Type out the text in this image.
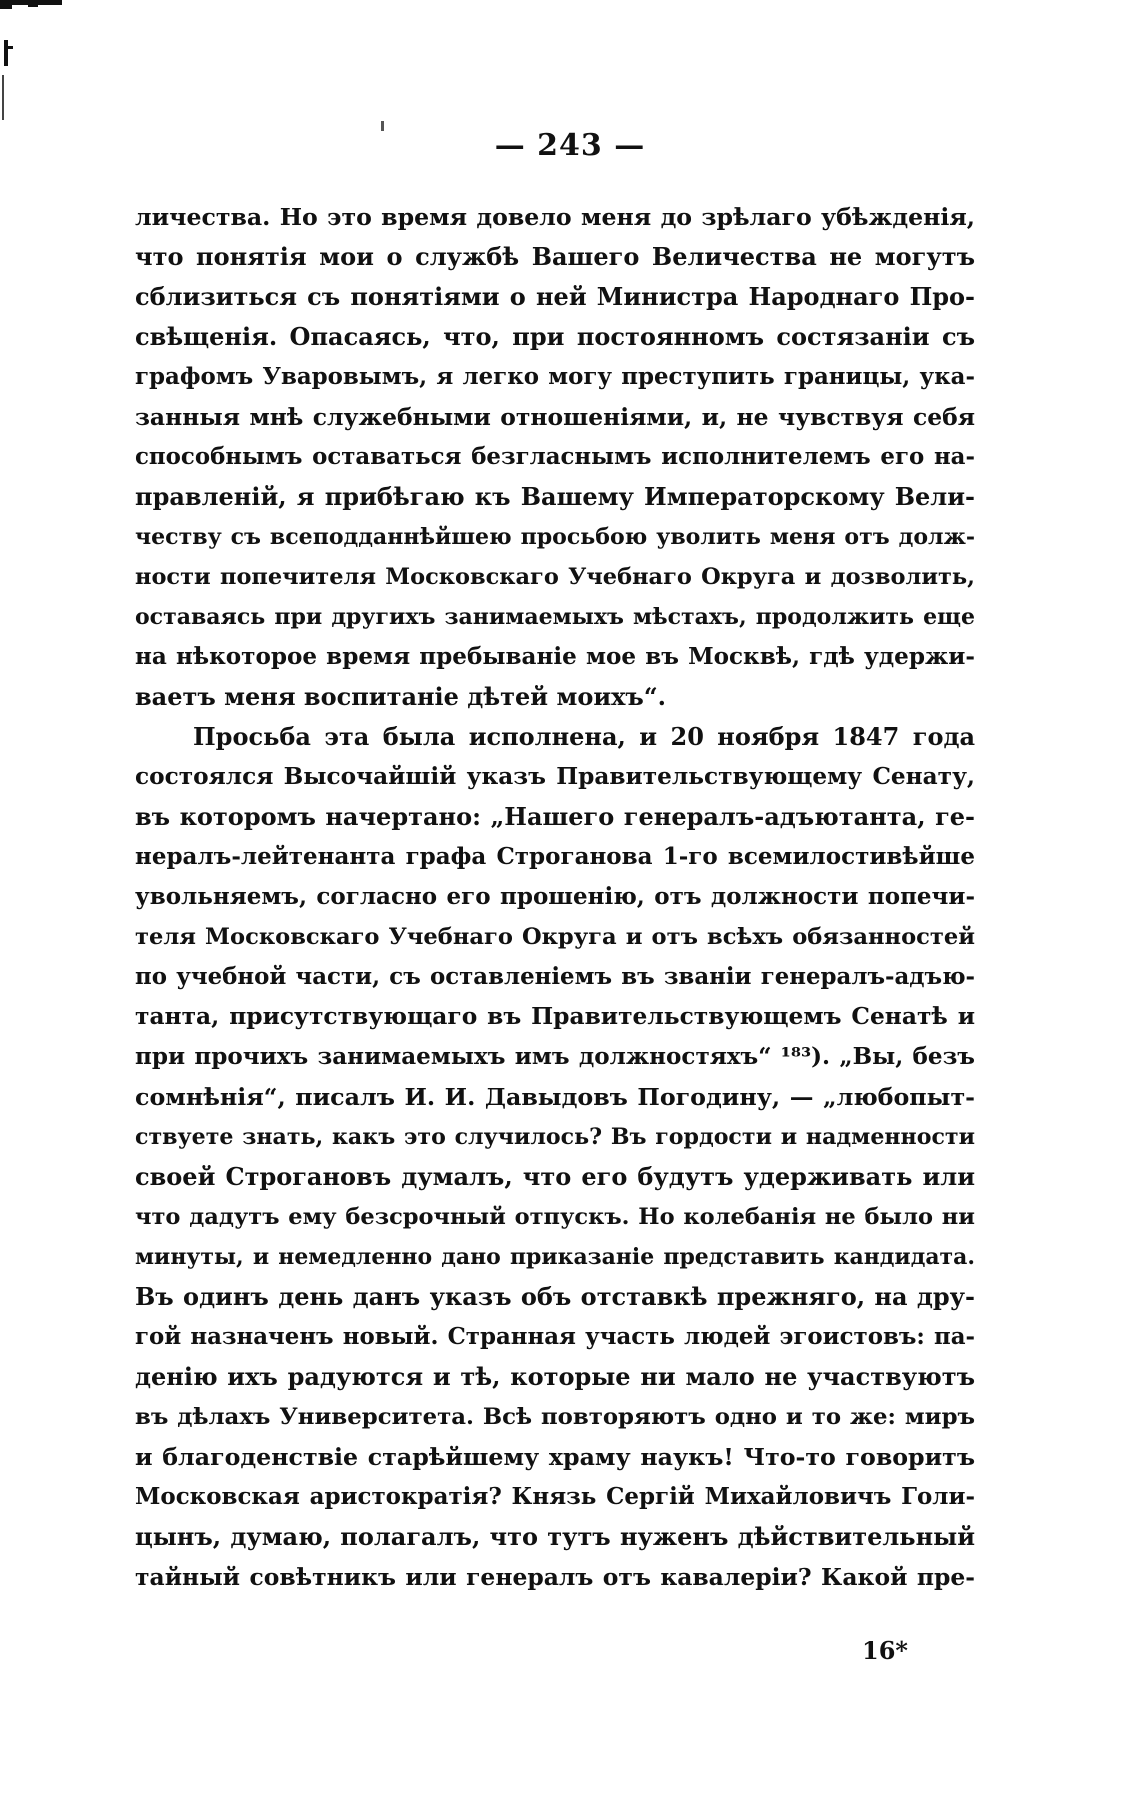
— 243 —
личества. Но это время довело меня до зрѣлаго убѣжденія,
что понятія мои о службѣ Вашего Величества не могутъ
сблизиться съ понятіями о ней Министра Народнаго Про-
свѣщенія. Опасаясь, что, при постоянномъ состязаніи съ
графомъ Уваровымъ, я легко могу преступить границы, ука-
занныя мнѣ служебными отношеніями, и, не чувствуя себя
способнымъ оставаться безгласнымъ исполнителемъ его на-
правленій, я прибѣгаю къ Вашему Императорскому Вели-
честву съ всеподданнѣйшею просьбою уволить меня отъ долж-
ности попечителя Московскаго Учебнаго Округа и дозволить,
оставаясь при другихъ занимаемыхъ мѣстахъ, продолжить еще
на нѣкоторое время пребываніе мое въ Москвѣ, гдѣ удержи-
ваетъ меня воспитаніе дѣтей моихъ“.
Просьба эта была исполнена, и 20 ноября 1847 года
состоялся Высочайшій указъ Правительствующему Сенату,
въ которомъ начертано: „Нашего генералъ-адъютанта, ге-
нералъ-лейтенанта графа Строганова 1-го всемилостивѣйше
увольняемъ, согласно его прошенію, отъ должности попечи-
теля Московскаго Учебнаго Округа и отъ всѣхъ обязанностей
по учебной части, съ оставленіемъ въ званіи генералъ-адъю-
танта, присутствующаго въ Правительствующемъ Сенатѣ и
при прочихъ занимаемыхъ имъ должностяхъ“ ¹⁸³). „Вы, безъ
сомнѣнія“, писалъ И. И. Давыдовъ Погодину, — „любопыт-
ствуете знать, какъ это случилось? Въ гордости и надменности
своей Строгановъ думалъ, что его будутъ удерживать или
что дадутъ ему безсрочный отпускъ. Но колебанія не было ни
минуты, и немедленно дано приказаніе представить кандидата.
Въ одинъ день данъ указъ объ отставкѣ прежняго, на дру-
гой назначенъ новый. Странная участь людей эгоистовъ: па-
денію ихъ радуются и тѣ, которые ни мало не участвуютъ
въ дѣлахъ Университета. Всѣ повторяютъ одно и то же: миръ
и благоденствіе старѣйшему храму наукъ! Что-то говоритъ
Московская аристократія? Князь Сергій Михайловичъ Голи-
цынъ, думаю, полагалъ, что тутъ нуженъ дѣйствительный
тайный совѣтникъ или генералъ отъ кавалеріи? Какой пре-
16*
